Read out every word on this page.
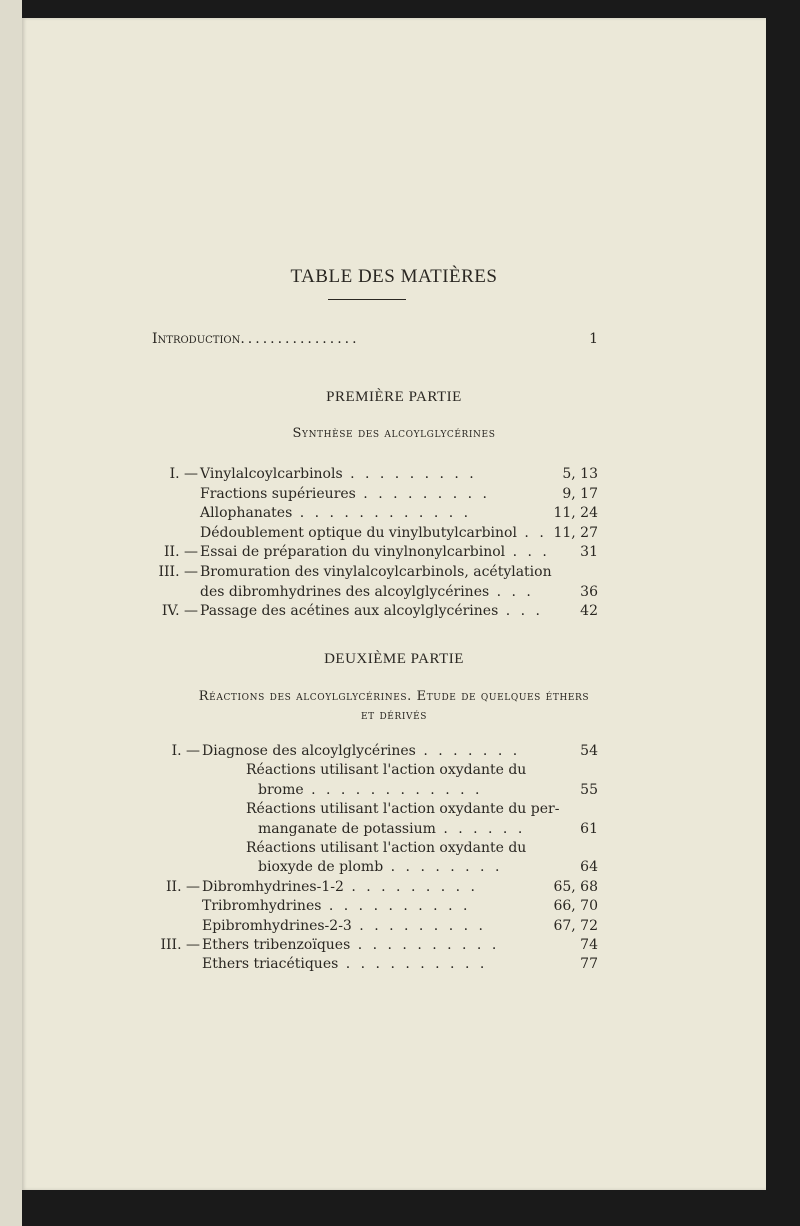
TABLE DES MATIÈRES
Introduction................	1
PREMIÈRE PARTIE
Synthèse des alcoylglycérines
DEUXIÈME PARTIE
Réactions des alcoylglycérines. Etude de quelques éthers
et dérivés
I. — Vinylalcoylcarbinols . . . . . . . . .	5, 13
Fractions supérieures . . . . . . . . .	9, 17
Allophanates . . . . . . . . . . . .	11, 24
Dédoublement optique du vinylbutylcarbinol . . 11, 27
II. — Essai de préparation du vinylnonylcarbinol . . .	31
III. — Bromuration des vinylalcoylcarbinols, acétylation
des dibromhydrines des alcoylglycérines . . .	36
IV. — Passage des acétines aux alcoylglycérines . . .	42
I. — Diagnose des alcoylglycérines . . . . . . .	54
Réactions utilisant l'action oxydante du
brome . . . . . . . . . . . .	55
Réactions utilisant l'action oxydante du per-
manganate de potassium . . . . . .	61
Réactions utilisant l'action oxydante du
bioxyde de plomb . . . . . . . .	64
II. — Dibromhydrines-1-2 . . . . . . . . .	65, 68
Tribromhydrines . . . . . . . . . .	66, 70
Epibromhydrines-2-3 . . . . . . . . .	67, 72
III. — Ethers tribenzoïques . . . . . . . . . .	74
Ethers triacétiques . . . . . . . . . .	77
